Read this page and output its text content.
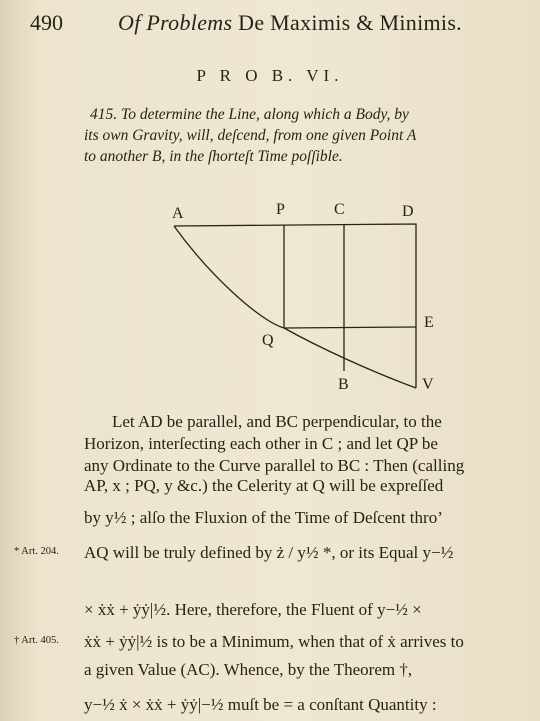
490	Of Problems De Maximis & Minimis.
P R O B. VI.
415. To determine the Line, along which a Body, by
its own Gravity, will, deſcend, from one given Point A
to another B, in the ſhorteſt Time poſſible.
A	P	C	D
E
Q
B	V
Let AD be parallel, and BC perpendicular, to the
Horizon, interſecting each other in C ; and let QP be
any Ordinate to the Curve parallel to BC : Then (calling
AP, x ; PQ, y &c.) the Celerity at Q will be expreſſed
by y½ ; alſo the Fluxion of the Time of Deſcent thro’
AQ will be truly defined by ż / y½ *, or its Equal y−½
× ẋẋ + ẏẏ|½. Here, therefore, the Fluent of y−½ ×
ẋẋ + ẏẏ|½ is to be a Minimum, when that of ẋ arrives to
a given Value (AC). Whence, by the Theorem †,
y−½ ẋ × ẋẋ + ẏẏ|−½ muſt be = a conſtant Quantity :
* Art. 204.
† Art. 405.
